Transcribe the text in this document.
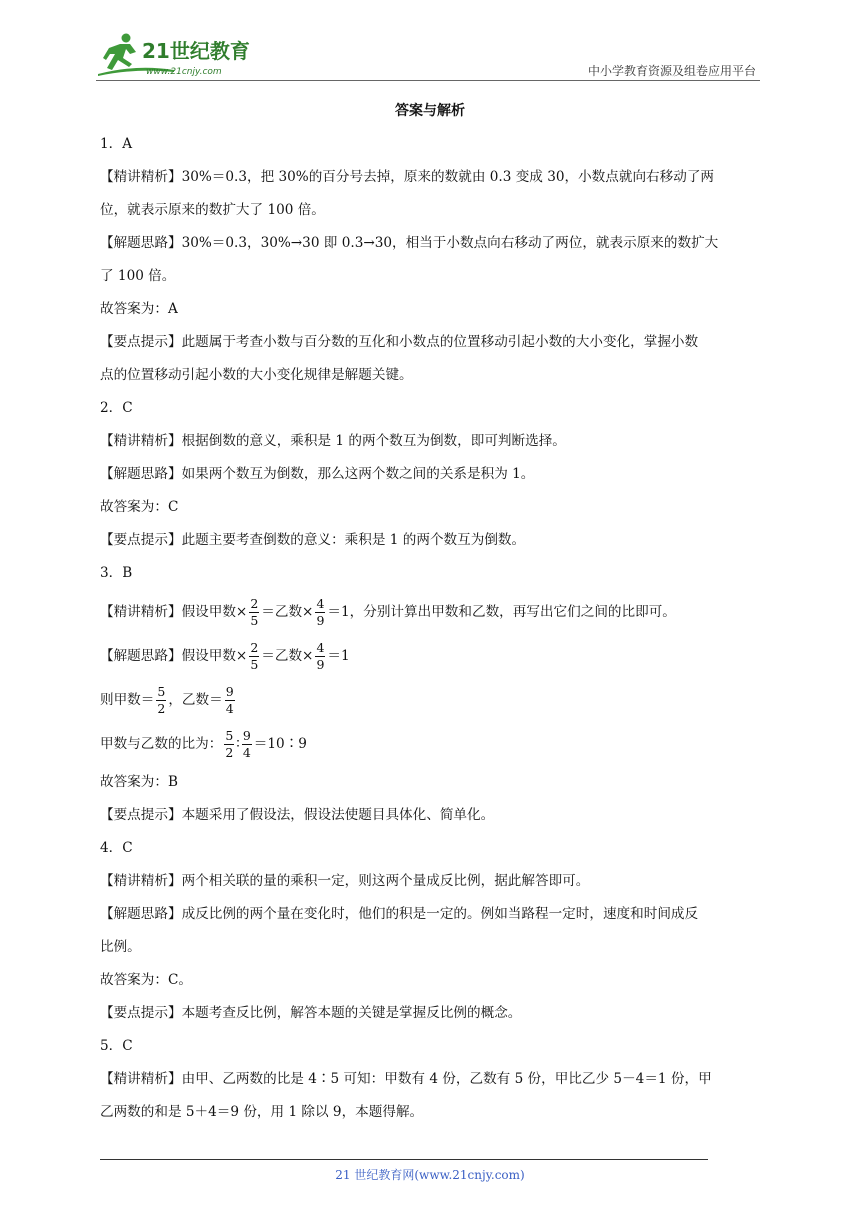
21世纪教育
www.21cnjy.com	中小学教育资源及组卷应用平台
答案与解析
1．A
【精讲精析】30%＝0.3，把 30%的百分号去掉，原来的数就由 0.3 变成 30，小数点就向右移动了两
位，就表示原来的数扩大了 100 倍。
【解题思路】30%＝0.3，30%→30 即 0.3→30，相当于小数点向右移动了两位，就表示原来的数扩大
了 100 倍。
故答案为：A
【要点提示】此题属于考查小数与百分数的互化和小数点的位置移动引起小数的大小变化，掌握小数
点的位置移动引起小数的大小变化规律是解题关键。
2．C
【精讲精析】根据倒数的意义，乘积是 1 的两个数互为倒数，即可判断选择。
【解题思路】如果两个数互为倒数，那么这两个数之间的关系是积为 1。
故答案为：C
【要点提示】此题主要考查倒数的意义：乘积是 1 的两个数互为倒数。
3．B
【精讲精析】假设甲数× $\frac{2}{5}$ ＝乙数× $\frac{4}{9} =1$，分别计算出甲数和乙数，再写出它们之间的比即可。
【解题思路】假设甲数× $\frac{2}{5}$ ＝乙数× $\frac{4}{9} =1$
则甲数＝ $\frac{5}{2}$ ，乙数＝ $\frac{9}{4}$
甲数与乙数的比为： $\frac{5}{2}$ ∶ $\frac{9}{4}$ ＝10∶9
故答案为：B
【要点提示】本题采用了假设法，假设法使题目具体化、简单化。
4．C
【精讲精析】两个相关联的量的乘积一定，则这两个量成反比例，据此解答即可。
【解题思路】成反比例的两个量在变化时，他们的积是一定的。例如当路程一定时，速度和时间成反
比例。
故答案为：C。
【要点提示】本题考查反比例，解答本题的关键是掌握反比例的概念。
5．C
【精讲精析】由甲、乙两数的比是 4∶5 可知：甲数有 4 份，乙数有 5 份，甲比乙少 5－4＝1 份，甲
乙两数的和是 5＋4＝9 份，用 1 除以 9，本题得解。
21 世纪教育网(www.21cnjy.com)
